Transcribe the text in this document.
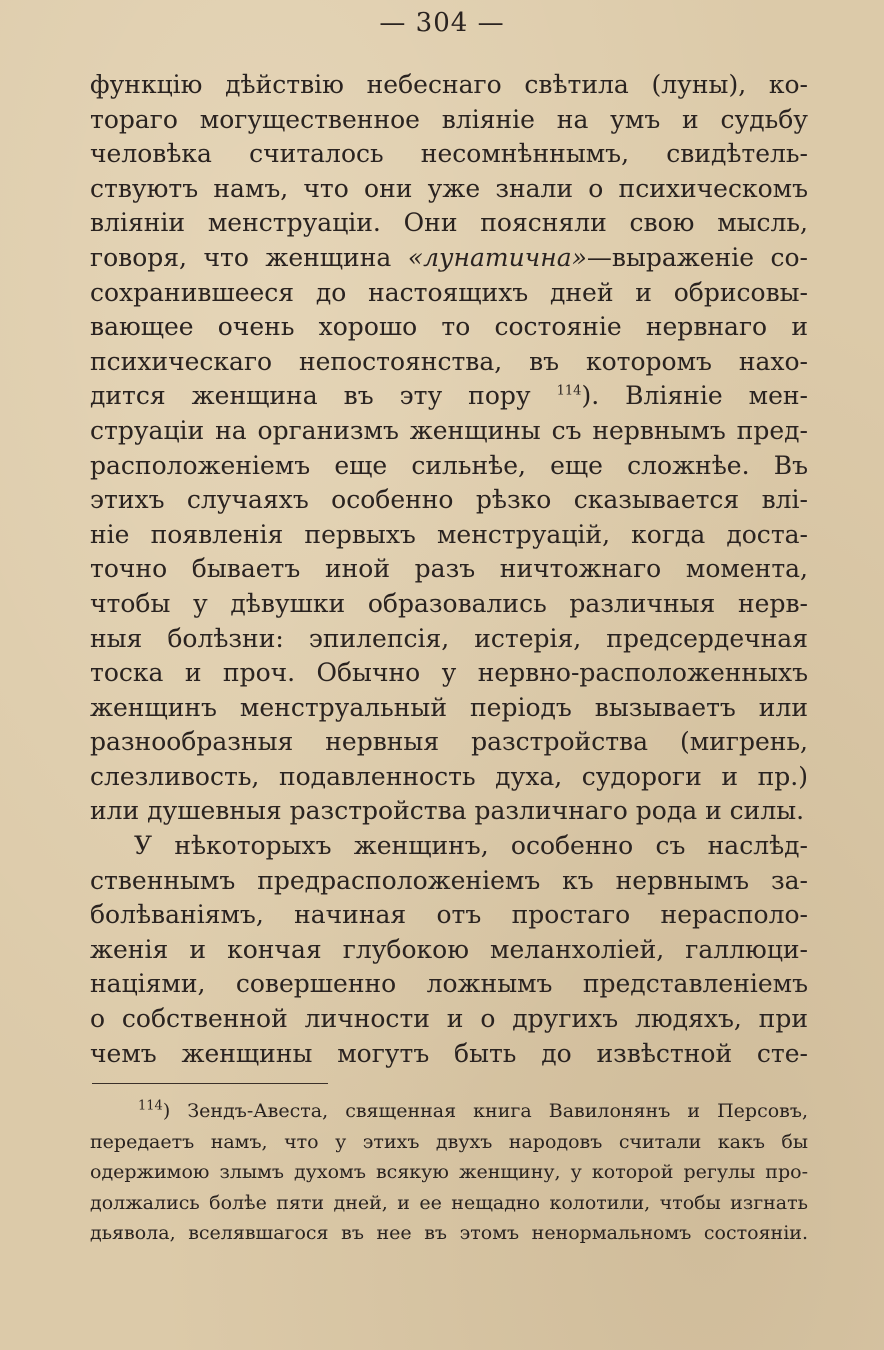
— 304 —
функцію дѣйствію небеснаго свѣтила (луны), ко-
тораго могущественное вліяніе на умъ и судьбу
человѣка считалось несомнѣннымъ, свидѣтель-
ствуютъ намъ, что они уже знали о психическомъ
вліяніи менструаціи. Они поясняли свою мысль,
говоря, что женщина «лунатична»—выраженіе со-
сохранившееся до настоящихъ дней и обрисовы-
вающее очень хорошо то состояніе нервнаго и
психическаго непостоянства, въ которомъ нахо-
дится женщина въ эту пору $^{114}$). Вліяніе мен-
струаціи на организмъ женщины съ нервнымъ пред-
расположеніемъ еще сильнѣе, еще сложнѣе. Въ
этихъ случаяхъ особенно рѣзко сказывается влі-
ніе появленія первыхъ менструацій, когда доста-
точно бываетъ иной разъ ничтожнаго момента,
чтобы у дѣвушки образовались различныя нерв-
ныя болѣзни: эпилепсія, истерія, предсердечная
тоска и проч. Обычно у нервно-расположенныхъ
женщинъ менструальный періодъ вызываетъ или
разнообразныя нервныя разстройства (мигрень,
слезливость, подавленность духа, судороги и пр.)
или душевныя разстройства различнаго рода и силы.
У нѣкоторыхъ женщинъ, особенно съ наслѣд-
ственнымъ предрасположеніемъ къ нервнымъ за-
болѣваніямъ, начиная отъ простаго нерасполо-
женія и кончая глубокою меланхоліей, галлюци-
націями, совершенно ложнымъ представленіемъ
о собственной личности и о другихъ людяхъ, при
чемъ женщины могутъ быть до извѣстной сте-
$^{114}$) Зендъ-Авеста, священная книга Вавилонянъ и Персовъ,
передаетъ намъ, что у этихъ двухъ народовъ считали какъ бы
одержимою злымъ духомъ всякую женщину, у которой регулы про-
должались болѣе пяти дней, и ее нещадно колотили, чтобы изгнать
дьявола, вселявшагося въ нее въ этомъ ненормальномъ состояніи.
